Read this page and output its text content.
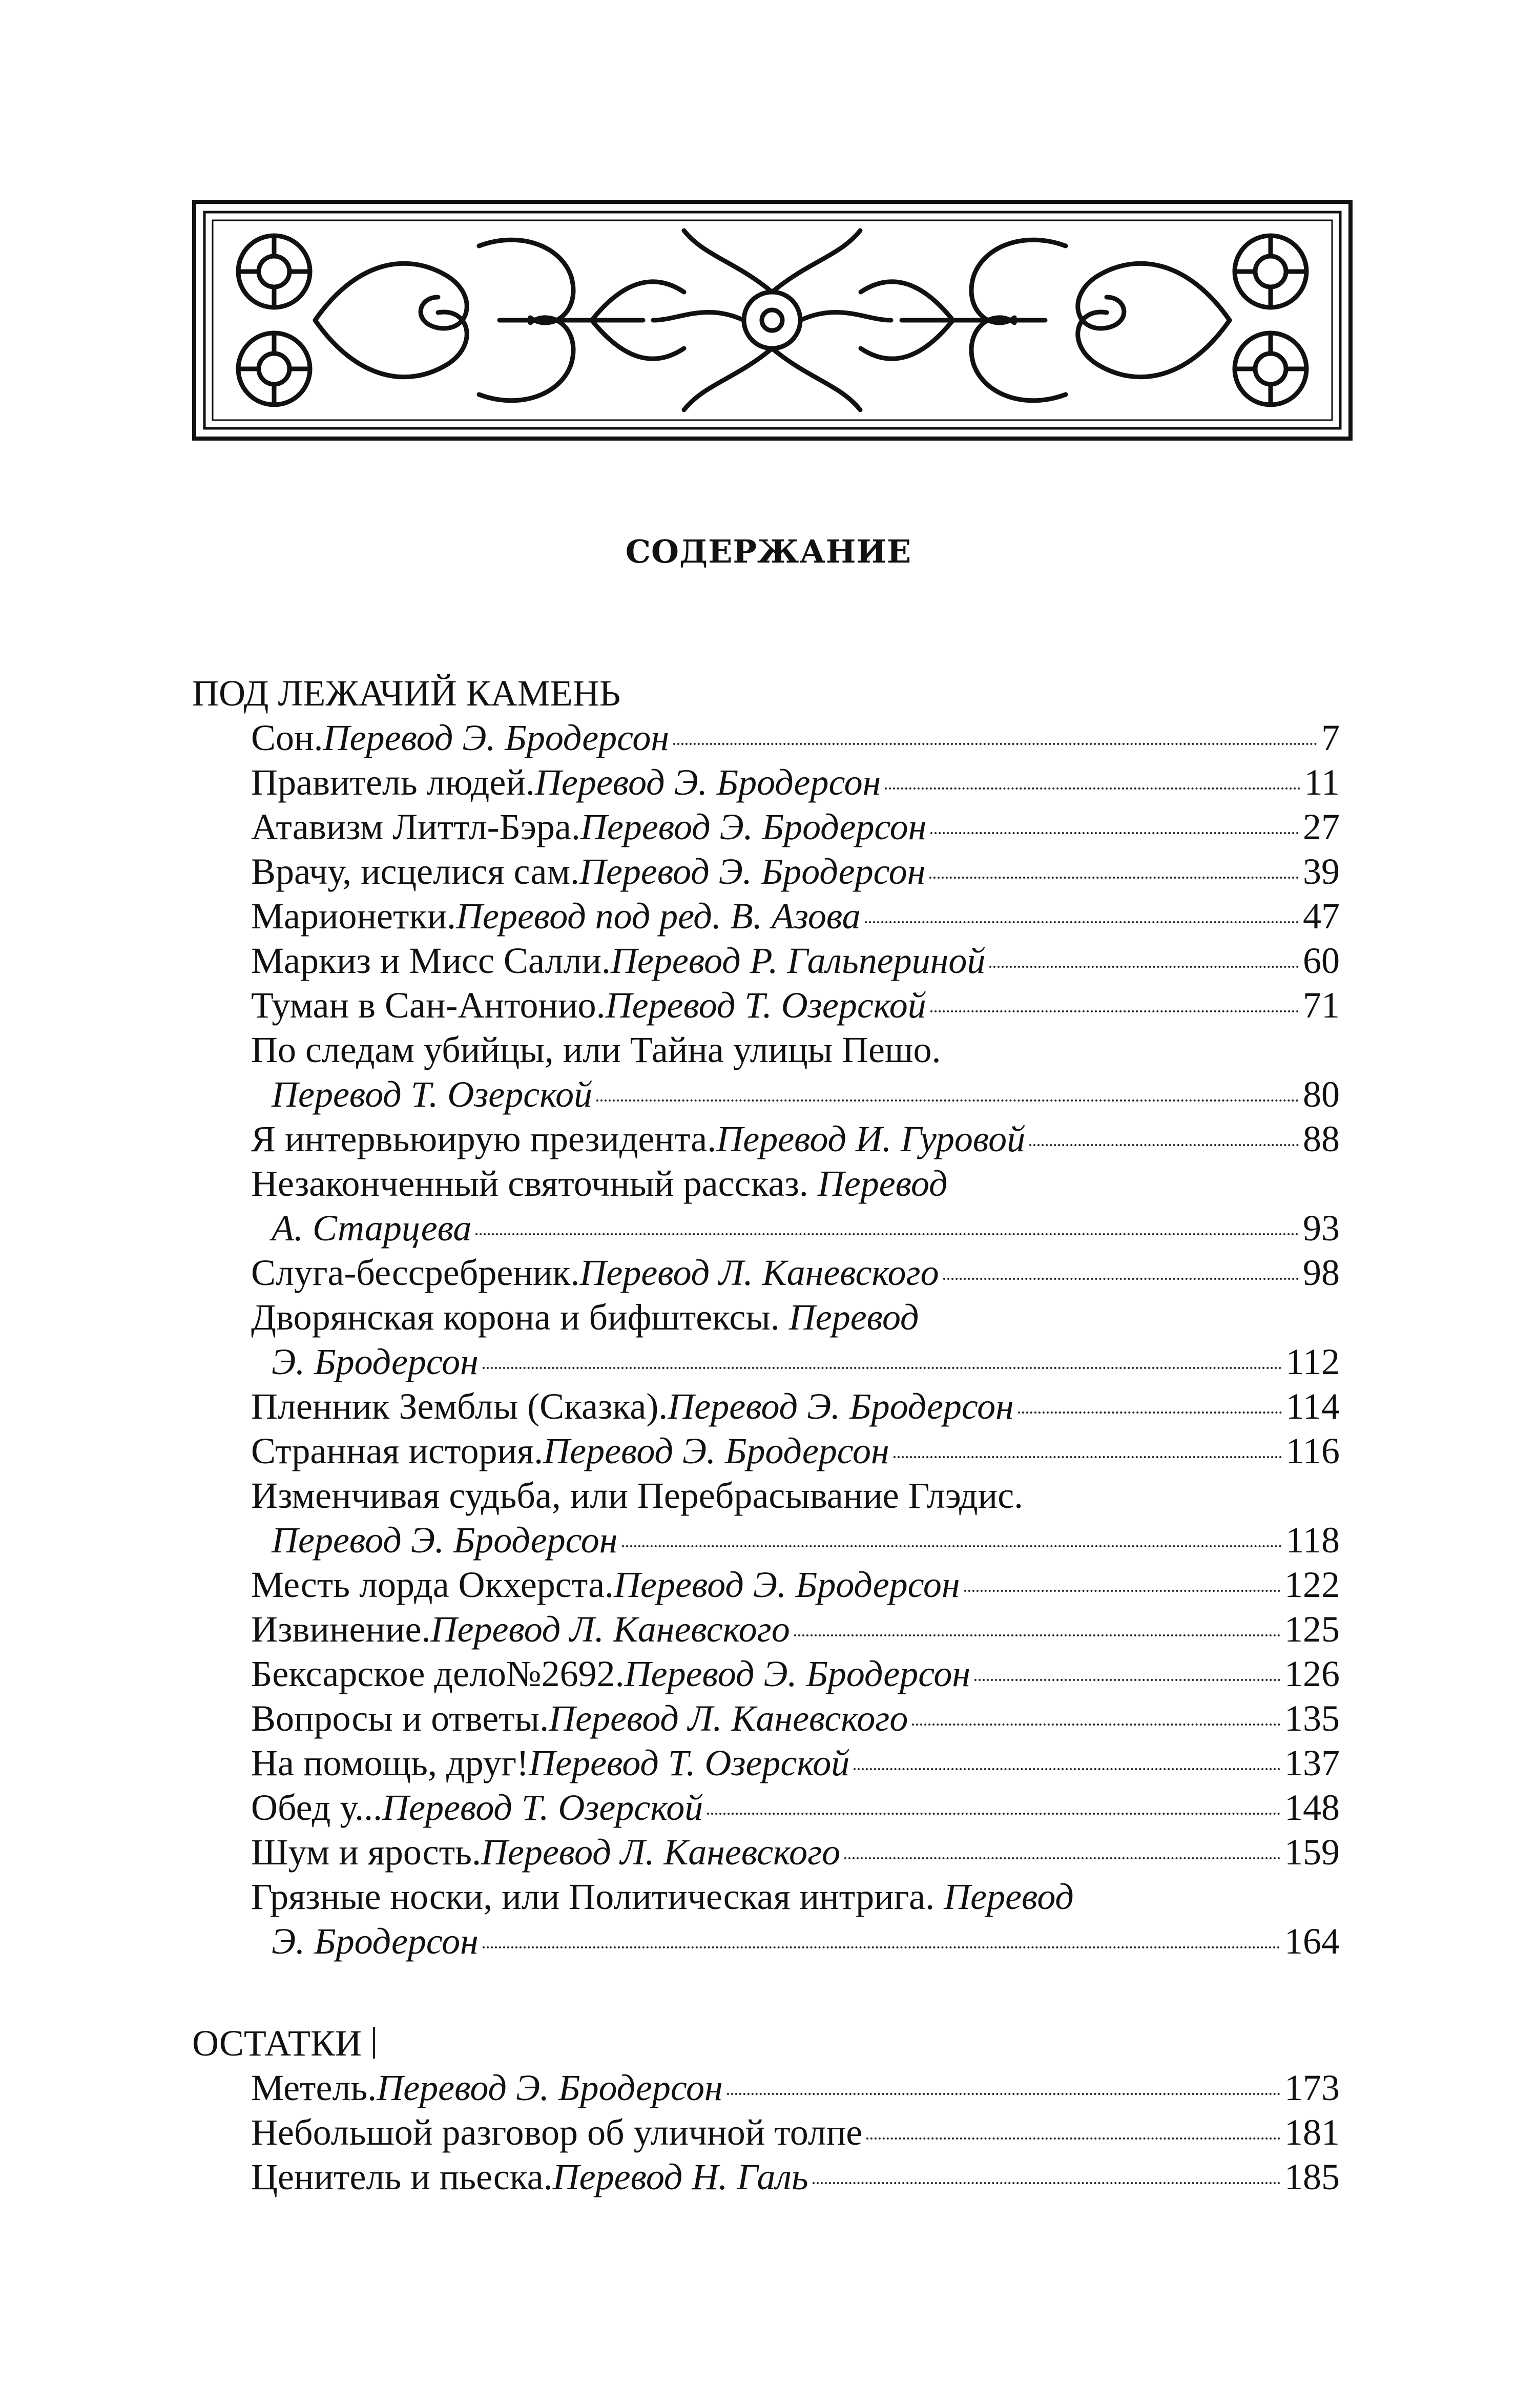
СОДЕРЖАНИЕ
ПОД ЛЕЖАЧИЙ КАМЕНЬ
Сон. Перевод Э. Бродерсон	7
Правитель людей. Перевод Э. Бродерсон	11
Атавизм Литтл-Бэра. Перевод Э. Бродерсон	27
Врачу, исцелися сам. Перевод Э. Бродерсон	39
Марионетки. Перевод под ред. В. Азова	47
Маркиз и Мисс Салли. Перевод Р. Гальпериной	60
Туман в Сан-Антонио. Перевод Т. Озерской	71
По следам убийцы, или Тайна улицы Пешо.
Перевод Т. Озерской	80
Я интервьюирую президента. Перевод И. Гуровой	88
Незаконченный святочный рассказ. Перевод
А. Старцева	93
Слуга-бессребреник. Перевод Л. Каневского	98
Дворянская корона и бифштексы. Перевод
Э. Бродерсон	112
Пленник Земблы (Сказка). Перевод Э. Бродерсон	114
Странная история. Перевод Э. Бродерсон	116
Изменчивая судьба, или Перебрасывание Глэдис.
Перевод Э. Бродерсон	118
Месть лорда Окхерста. Перевод Э. Бродерсон	122
Извинение. Перевод Л. Каневского	125
Бексарское дело№2692. Перевод Э. Бродерсон	126
Вопросы и ответы. Перевод Л. Каневского	135
На помощь, друг! Перевод Т. Озерской	137
Обед у... Перевод Т. Озерской	148
Шум и ярость. Перевод Л. Каневского	159
Грязные носки, или Политическая интрига. Перевод
Э. Бродерсон	164
ОСТАТКИ
Метель. Перевод Э. Бродерсон	173
Небольшой разговор об уличной толпе	181
Ценитель и пьеска. Перевод Н. Галь	185
